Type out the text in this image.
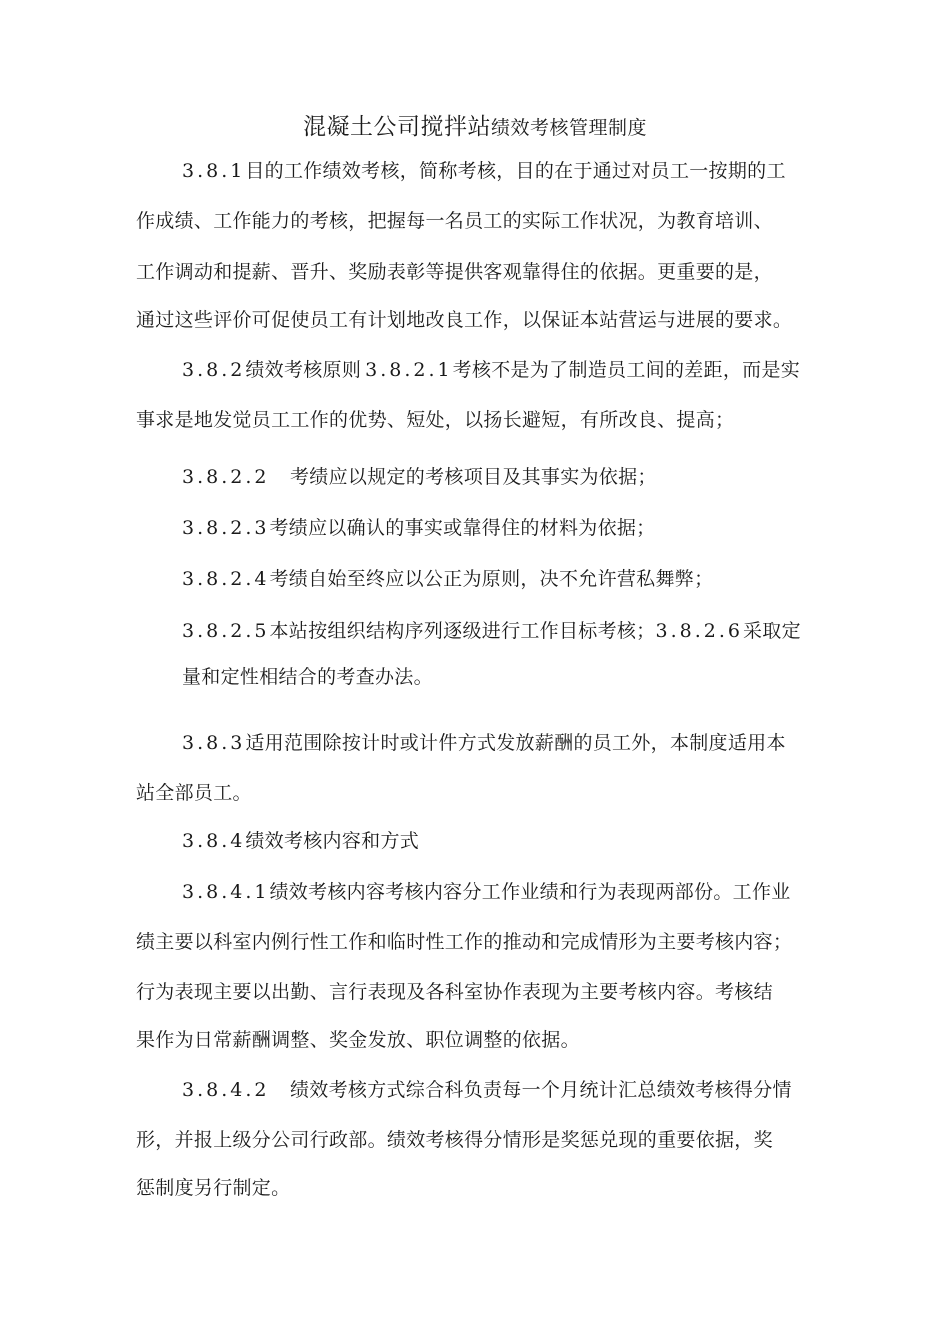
混凝土公司搅拌站绩效考核管理制度
3.8.1目的工作绩效考核，简称考核，目的在于通过对员工一按期的工
作成绩、工作能力的考核，把握每一名员工的实际工作状况，为教育培训、
工作调动和提薪、晋升、奖励表彰等提供客观靠得住的依据。更重要的是，
通过这些评价可促使员工有计划地改良工作，以保证本站营运与进展的要求。
3.8.2绩效考核原则 3.8.2.1考核不是为了制造员工间的差距，而是实
事求是地发觉员工工作的优势、短处，以扬长避短，有所改良、提高；
3.8.2.2 考绩应以规定的考核项目及其事实为依据；
3.8.2.3考绩应以确认的事实或靠得住的材料为依据；
3.8.2.4考绩自始至终应以公正为原则，决不允许营私舞弊；
3.8.2.5本站按组织结构序列逐级进行工作目标考核；3.8.2.6采取定
量和定性相结合的考查办法。
3.8.3适用范围除按计时或计件方式发放薪酬的员工外，本制度适用本
站全部员工。
3.8.4绩效考核内容和方式
3.8.4.1绩效考核内容考核内容分工作业绩和行为表现两部份。工作业
绩主要以科室内例行性工作和临时性工作的推动和完成情形为主要考核内容；
行为表现主要以出勤、言行表现及各科室协作表现为主要考核内容。考核结
果作为日常薪酬调整、奖金发放、职位调整的依据。
3.8.4.2 绩效考核方式综合科负责每一个月统计汇总绩效考核得分情
形，并报上级分公司行政部。绩效考核得分情形是奖惩兑现的重要依据，奖
惩制度另行制定。
